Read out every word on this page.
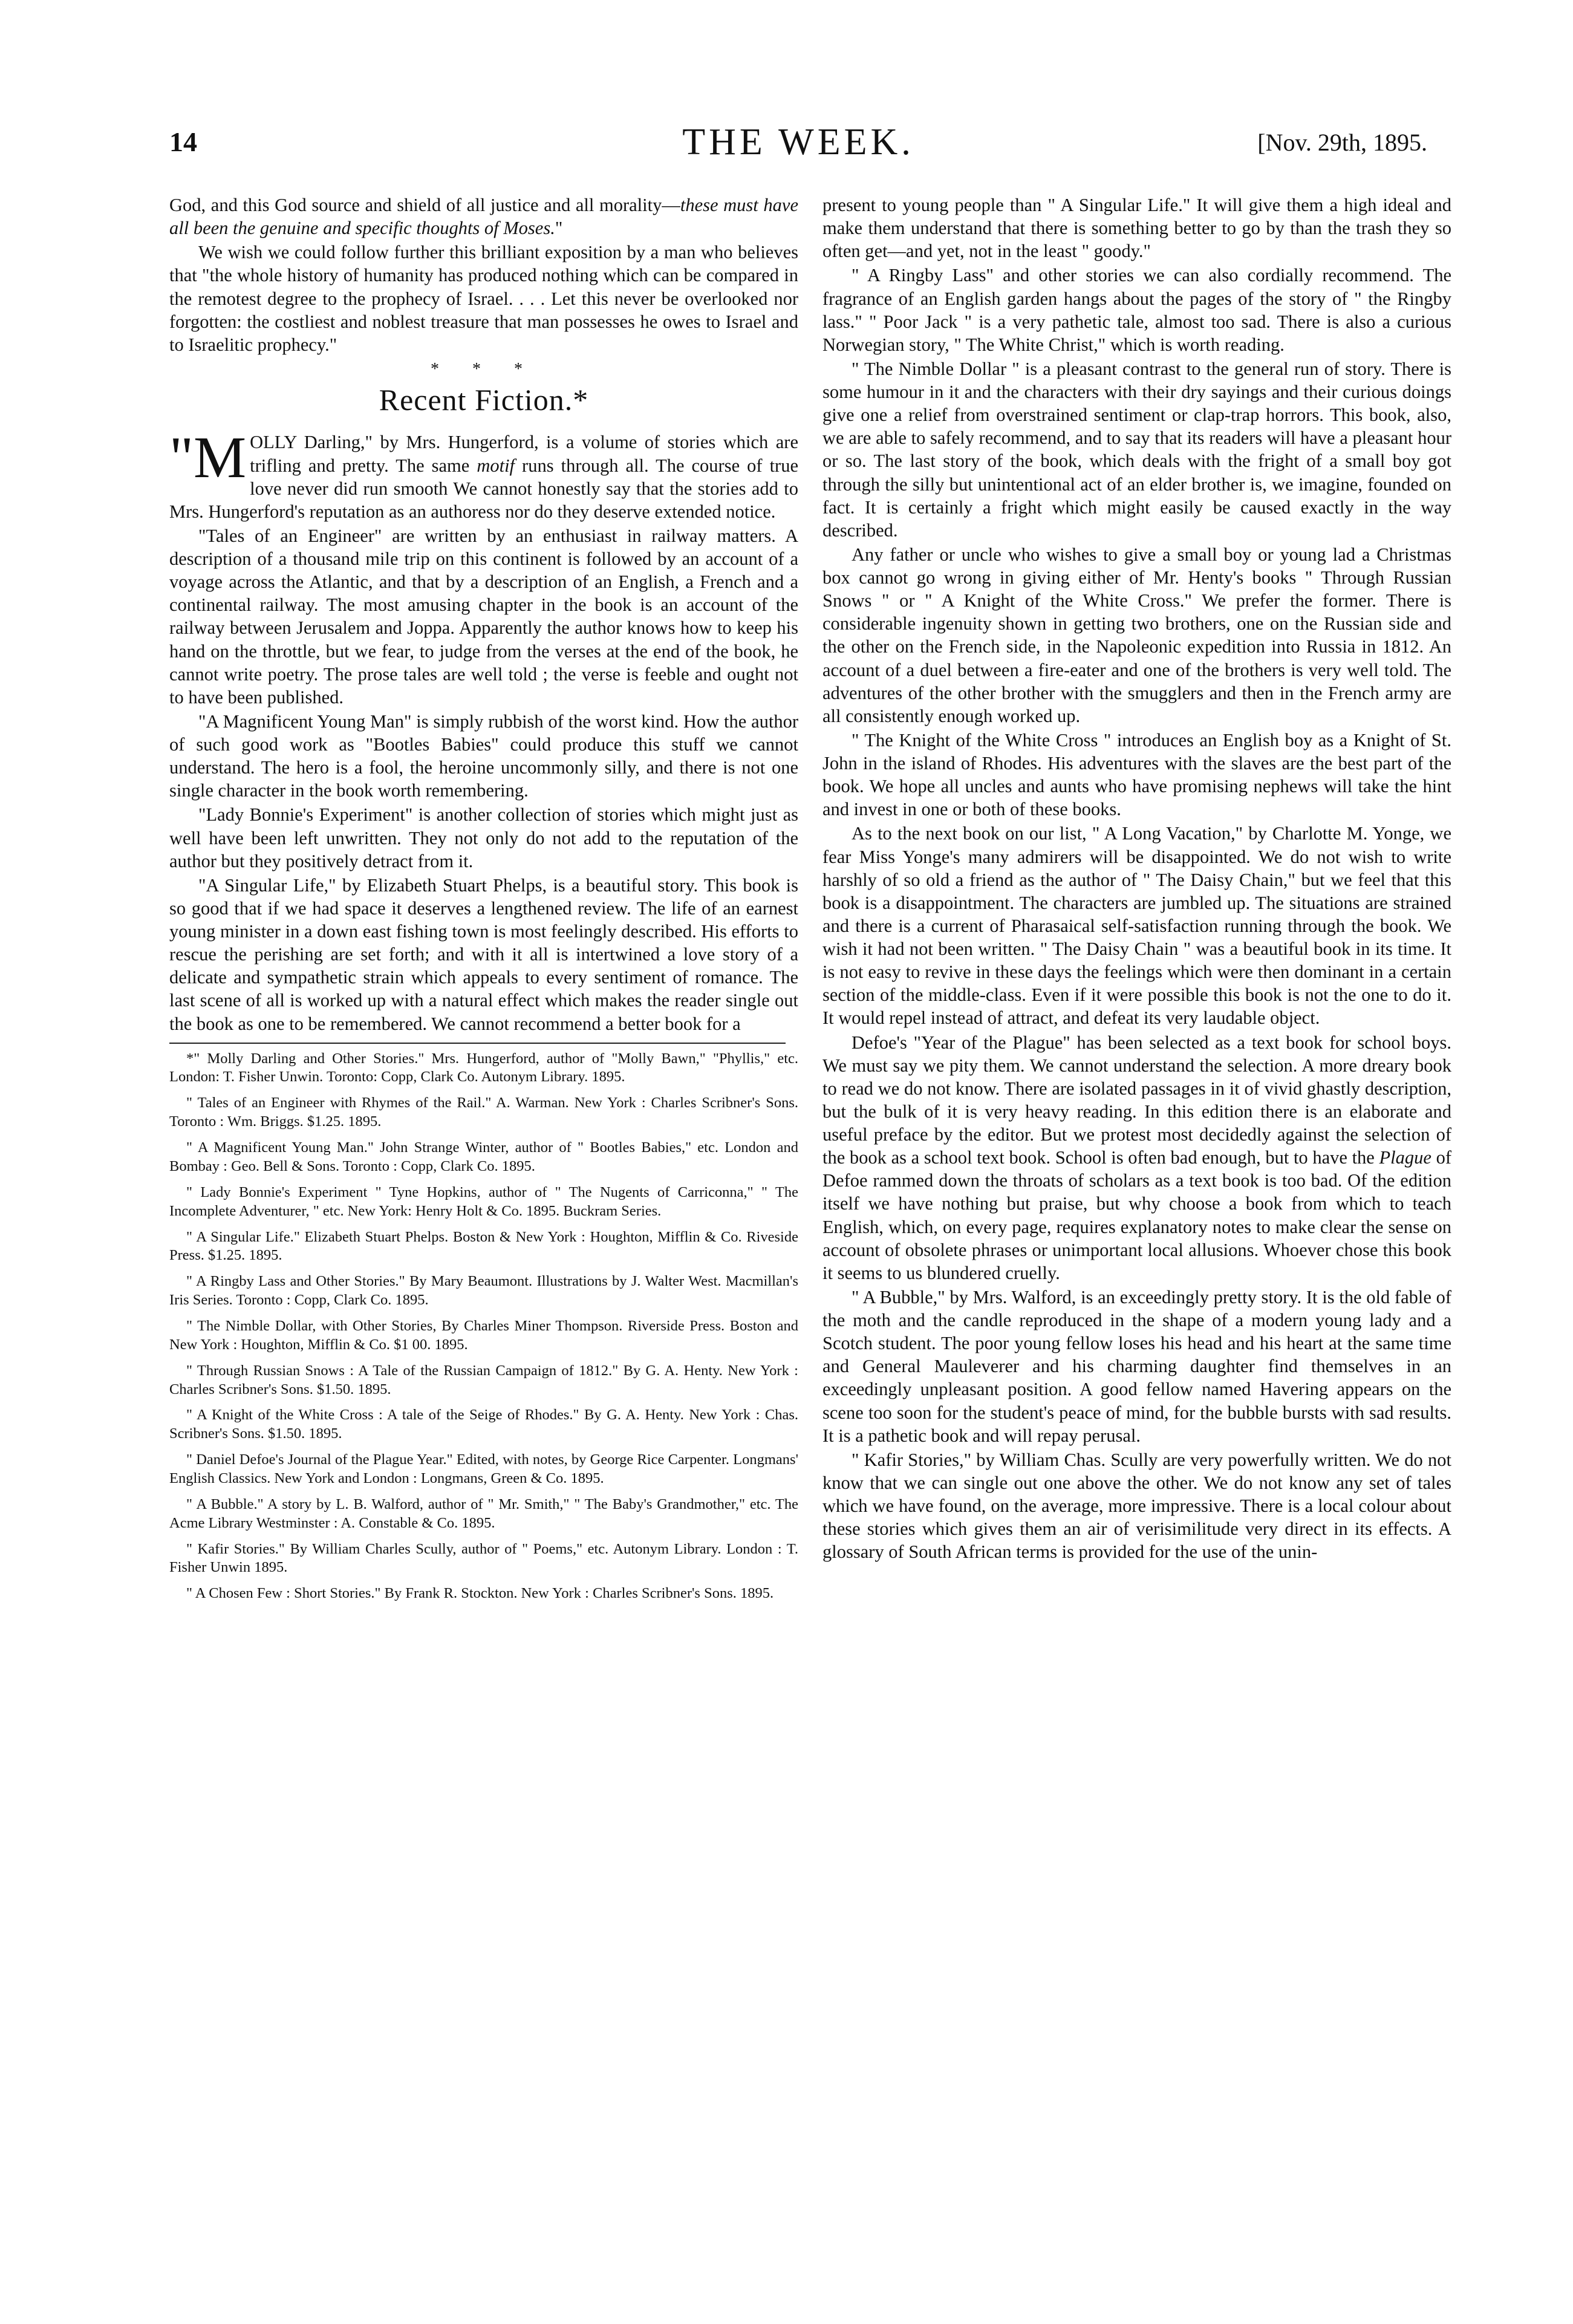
14	THE WEEK.	[Nov. 29th, 1895.

God, and this God source and shield of all justice and all morality—these must have all been the genuine and specific thoughts of Moses."

We wish we could follow further this brilliant exposition by a man who believes that "the whole history of humanity has produced nothing which can be compared in the remotest degree to the prophecy of Israel. . . . Let this never be overlooked nor forgotten: the costliest and noblest treasure that man possesses he owes to Israel and to Israelitic prophecy."

* * *
Recent Fiction.*

"M OLLY Darling," by Mrs. Hungerford, is a volume of stories which are trifling and pretty. The same motif runs through all. The course of true love never did run smooth We cannot honestly say that the stories add to Mrs. Hungerford's reputation as an authoress nor do they deserve extended notice.

"Tales of an Engineer" are written by an enthusiast in railway matters. A description of a thousand mile trip on this continent is followed by an account of a voyage across the Atlantic, and that by a description of an English, a French and a continental railway. The most amusing chapter in the book is an account of the railway between Jerusalem and Joppa. Apparently the author knows how to keep his hand on the throttle, but we fear, to judge from the verses at the end of the book, he cannot write poetry. The prose tales are well told ; the verse is feeble and ought not to have been published.

"A Magnificent Young Man" is simply rubbish of the worst kind. How the author of such good work as "Bootles Babies" could produce this stuff we cannot understand. The hero is a fool, the heroine uncommonly silly, and there is not one single character in the book worth remembering.

"Lady Bonnie's Experiment" is another collection of stories which might just as well have been left unwritten. They not only do not add to the reputation of the author but they positively detract from it.

"A Singular Life," by Elizabeth Stuart Phelps, is a beautiful story. This book is so good that if we had space it deserves a lengthened review. The life of an earnest young minister in a down east fishing town is most feelingly described. His efforts to rescue the perishing are set forth; and with it all is intertwined a love story of a delicate and sympathetic strain which appeals to every sentiment of romance. The last scene of all is worked up with a natural effect which makes the reader single out the book as one to be remembered. We cannot recommend a better book for a

*" Molly Darling and Other Stories." Mrs. Hungerford, author of "Molly Bawn," "Phyllis," etc. London: T. Fisher Unwin. Toronto: Copp, Clark Co. Autonym Library. 1895.

" Tales of an Engineer with Rhymes of the Rail." A. Warman. New York : Charles Scribner's Sons. Toronto : Wm. Briggs. $1.25. 1895.

" A Magnificent Young Man." John Strange Winter, author of " Bootles Babies," etc. London and Bombay : Geo. Bell & Sons. Toronto : Copp, Clark Co. 1895.

" Lady Bonnie's Experiment " Tyne Hopkins, author of " The Nugents of Carriconna," " The Incomplete Adventurer, " etc. New York: Henry Holt & Co. 1895. Buckram Series.

" A Singular Life." Elizabeth Stuart Phelps. Boston & New York : Houghton, Mifflin & Co. Riveside Press. $1.25. 1895.

" A Ringby Lass and Other Stories." By Mary Beaumont. Illustrations by J. Walter West. Macmillan's Iris Series. Toronto : Copp, Clark Co. 1895.

" The Nimble Dollar, with Other Stories, By Charles Miner Thompson. Riverside Press. Boston and New York : Houghton, Mifflin & Co. $1 00. 1895.

" Through Russian Snows : A Tale of the Russian Campaign of 1812." By G. A. Henty. New York : Charles Scribner's Sons. $1.50. 1895.

" A Knight of the White Cross : A tale of the Seige of Rhodes." By G. A. Henty. New York : Chas. Scribner's Sons. $1.50. 1895.

" Daniel Defoe's Journal of the Plague Year." Edited, with notes, by George Rice Carpenter. Longmans' English Classics. New York and London : Longmans, Green & Co. 1895.

" A Bubble." A story by L. B. Walford, author of " Mr. Smith," " The Baby's Grandmother," etc. The Acme Library Westminster : A. Constable & Co. 1895.

" Kafir Stories." By William Charles Scully, author of " Poems," etc. Autonym Library. London : T. Fisher Unwin 1895.

" A Chosen Few : Short Stories." By Frank R. Stockton. New York : Charles Scribner's Sons. 1895.

present to young people than " A Singular Life." It will give them a high ideal and make them understand that there is something better to go by than the trash they so often get—and yet, not in the least " goody."

" A Ringby Lass" and other stories we can also cordially recommend. The fragrance of an English garden hangs about the pages of the story of " the Ringby lass." " Poor Jack " is a very pathetic tale, almost too sad. There is also a curious Norwegian story, " The White Christ," which is worth reading.

" The Nimble Dollar " is a pleasant contrast to the general run of story. There is some humour in it and the characters with their dry sayings and their curious doings give one a relief from overstrained sentiment or clap-trap horrors. This book, also, we are able to safely recommend, and to say that its readers will have a pleasant hour or so. The last story of the book, which deals with the fright of a small boy got through the silly but unintentional act of an elder brother is, we imagine, founded on fact. It is certainly a fright which might easily be caused exactly in the way described.

Any father or uncle who wishes to give a small boy or young lad a Christmas box cannot go wrong in giving either of Mr. Henty's books " Through Russian Snows " or " A Knight of the White Cross." We prefer the former. There is considerable ingenuity shown in getting two brothers, one on the Russian side and the other on the French side, in the Napoleonic expedition into Russia in 1812. An account of a duel between a fire-eater and one of the brothers is very well told. The adventures of the other brother with the smugglers and then in the French army are all consistently enough worked up.

" The Knight of the White Cross " introduces an English boy as a Knight of St. John in the island of Rhodes. His adventures with the slaves are the best part of the book. We hope all uncles and aunts who have promising nephews will take the hint and invest in one or both of these books.

As to the next book on our list, " A Long Vacation," by Charlotte M. Yonge, we fear Miss Yonge's many admirers will be disappointed. We do not wish to write harshly of so old a friend as the author of " The Daisy Chain," but we feel that this book is a disappointment. The characters are jumbled up. The situations are strained and there is a current of Pharasaical self-satisfaction running through the book. We wish it had not been written. " The Daisy Chain " was a beautiful book in its time. It is not easy to revive in these days the feelings which were then dominant in a certain section of the middle-class. Even if it were possible this book is not the one to do it. It would repel instead of attract, and defeat its very laudable object.

Defoe's "Year of the Plague" has been selected as a text book for school boys. We must say we pity them. We cannot understand the selection. A more dreary book to read we do not know. There are isolated passages in it of vivid ghastly description, but the bulk of it is very heavy reading. In this edition there is an elaborate and useful preface by the editor. But we protest most decidedly against the selection of the book as a school text book. School is often bad enough, but to have the Plague of Defoe rammed down the throats of scholars as a text book is too bad. Of the edition itself we have nothing but praise, but why choose a book from which to teach English, which, on every page, requires explanatory notes to make clear the sense on account of obsolete phrases or unimportant local allusions. Whoever chose this book it seems to us blundered cruelly.

" A Bubble," by Mrs. Walford, is an exceedingly pretty story. It is the old fable of the moth and the candle reproduced in the shape of a modern young lady and a Scotch student. The poor young fellow loses his head and his heart at the same time and General Mauleverer and his charming daughter find themselves in an exceedingly unpleasant position. A good fellow named Havering appears on the scene too soon for the student's peace of mind, for the bubble bursts with sad results. It is a pathetic book and will repay perusal.

" Kafir Stories," by William Chas. Scully are very powerfully written. We do not know that we can single out one above the other. We do not know any set of tales which we have found, on the average, more impressive. There is a local colour about these stories which gives them an air of verisimilitude very direct in its effects. A glossary of South African terms is provided for the use of the unin-
